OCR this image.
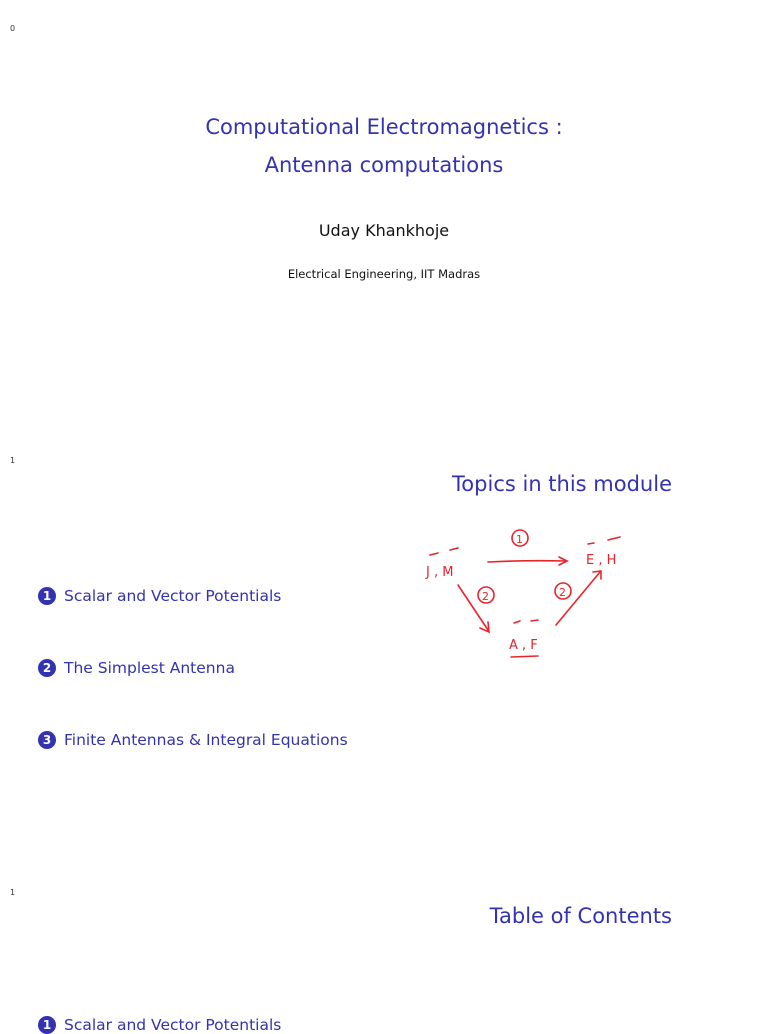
0
Computational Electromagnetics :
Antenna computations
Uday Khankhoje
Electrical Engineering, IIT Madras
1
Topics in this module
1 Scalar and Vector Potentials
2 The Simplest Antenna
3 Finite Antennas & Integral Equations
J , M
E , H
A , F
1
2	2
1
Table of Contents
1 Scalar and Vector Potentials
